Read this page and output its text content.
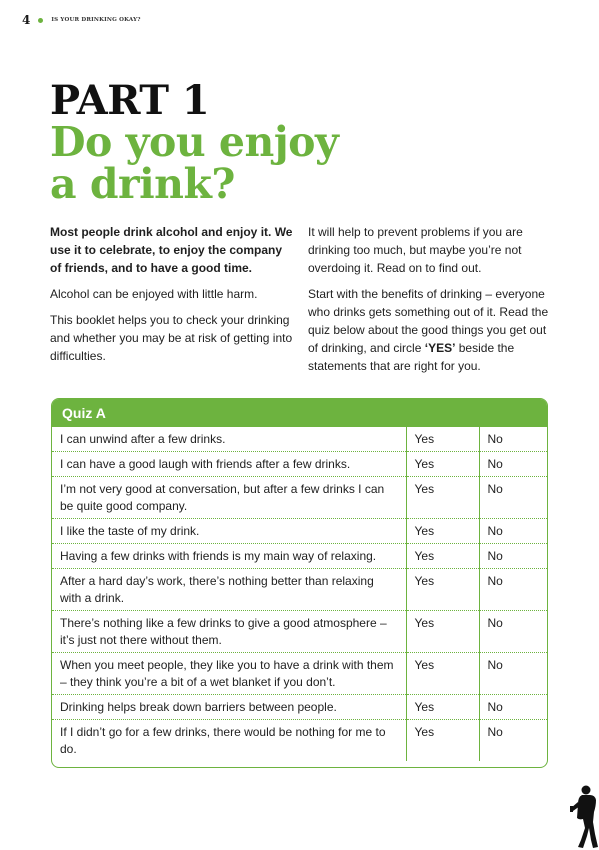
4	IS YOUR DRINKING OKAY?
PART 1
Do you enjoy
a drink?

Most people drink alcohol and enjoy it. We use it to celebrate, to enjoy the company of friends, and to have a good time.

Alcohol can be enjoyed with little harm.

This booklet helps you to check your drinking and whether you may be at risk of getting into difficulties.

It will help to prevent problems if you are drinking too much, but maybe you’re not overdoing it. Read on to find out.

Start with the benefits of drinking – everyone who drinks gets something out of it. Read the quiz below about the good things you get out of drinking, and circle ‘YES’ beside the statements that are right for you.

Quiz A
I can unwind after a few drinks.	Yes	No
I can have a good laugh with friends after a few drinks.	Yes	No
I’m not very good at conversation, but after a few drinks I can be quite good company.	Yes	No
I like the taste of my drink.	Yes	No
Having a few drinks with friends is my main way of relaxing.	Yes	No
After a hard day’s work, there’s nothing better than relaxing with a drink.	Yes	No
There’s nothing like a few drinks to give a good atmosphere – it’s just not there without them.	Yes	No
When you meet people, they like you to have a drink with them – they think you’re a bit of a wet blanket if you don’t.	Yes	No
Drinking helps break down barriers between people.	Yes	No
If I didn’t go for a few drinks, there would be nothing for me to do.	Yes	No
